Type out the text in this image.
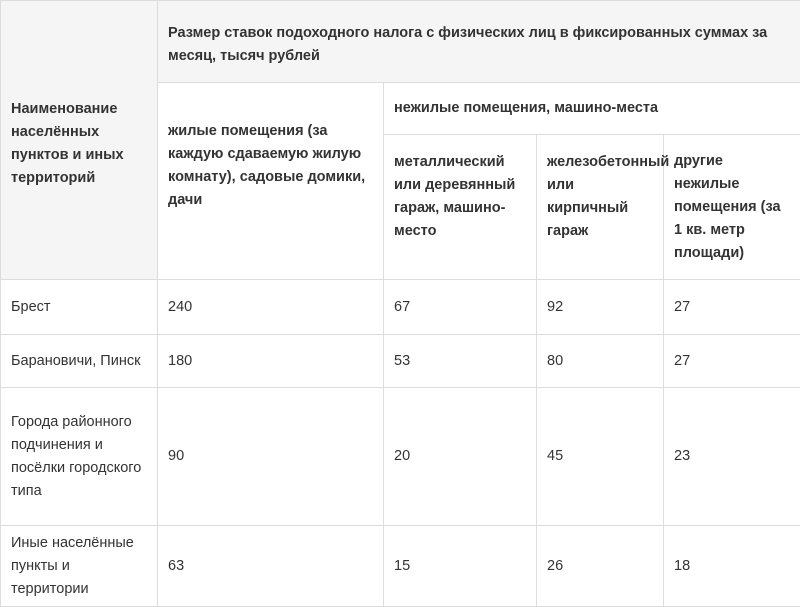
Наименование населённых пунктов и иных территорий	Размер ставок подоходного налога с физических лиц в фиксированных суммах за месяц, тысяч рублей			
	жилые помещения (за каждую сдаваемую жилую комнату), садовые домики, дачи	нежилые помещения, машино-места		
		металлический или деревянный гараж, машино- место	железобетонный или кирпичный гараж	другие нежилые помещения (за 1 кв. метр площади)
Брест	240	67	92	27
Барановичи, Пинск	180	53	80	27
Города районного подчинения и посёлки городского типа	90	20	45	23
Иные населённые пункты и территории	63	15	26	18
